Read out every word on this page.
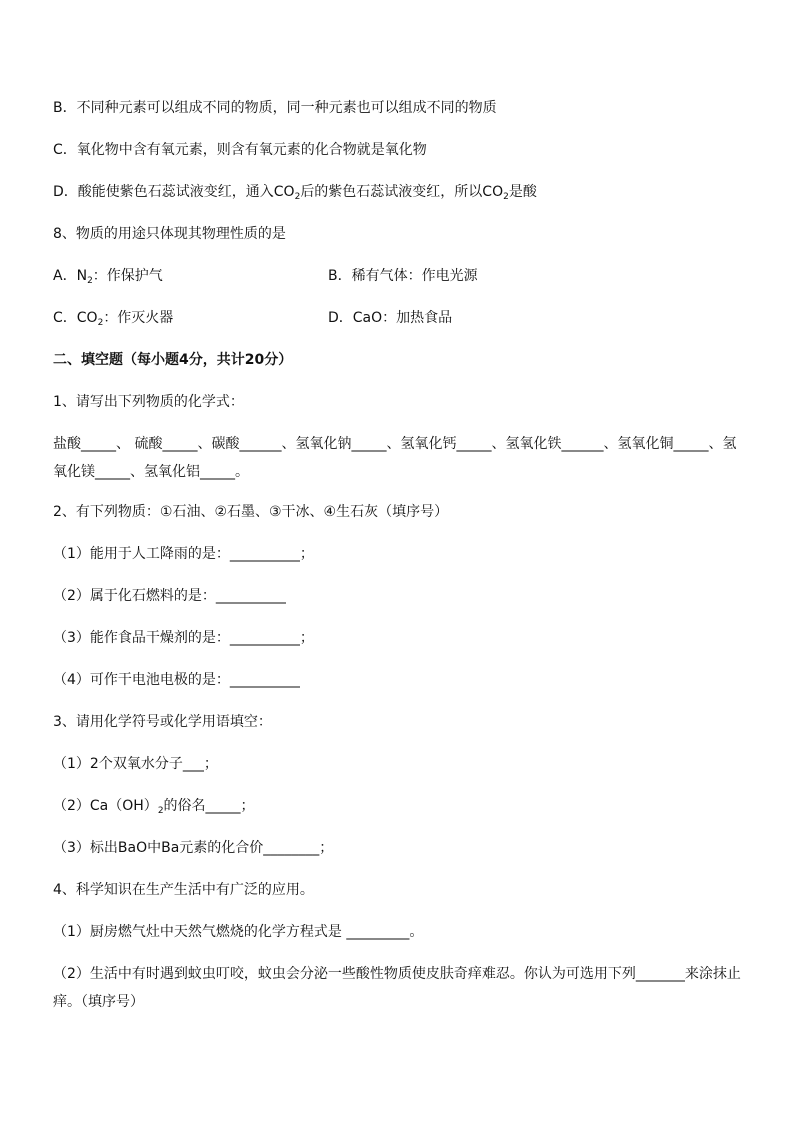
B．不同种元素可以组成不同的物质，同一种元素也可以组成不同的物质
C．氧化物中含有氧元素，则含有氧元素的化合物就是氧化物
D．酸能使紫色石蕊试液变红，通入$CO_2$后的紫色石蕊试液变红，所以$CO_2$是酸
8、物质的用途只体现其物理性质的是
A．$N_2$：作保护气	B．稀有气体：作电光源
C．$CO_2$：作灭火器	D．CaO：加热食品
二、填空题（每小题4分，共计20分）
1、请写出下列物质的化学式：
盐酸_____、 硫酸_____、碳酸______、氢氧化钠_____、氢氧化钙_____、氢氧化铁______、氢氧化铜_____、氢氧化镁_____、氢氧化铝_____。
2、有下列物质：①石油、②石墨、③干冰、④生石灰（填序号）
（1）能用于人工降雨的是：__________；
（2）属于化石燃料的是：__________
（3）能作食品干燥剂的是：__________；
（4）可作干电池电极的是：__________
3、请用化学符号或化学用语填空：
（1）2个双氧水分子___；
$(2)Ca(OH)_2$的俗名_____；
（3）标出BaO中Ba元素的化合价________；
4、科学知识在生产生活中有广泛的应用。
（1）厨房燃气灶中天然气燃烧的化学方程式是 _________。
（2）生活中有时遇到蚊虫叮咬，蚊虫会分泌一些酸性物质使皮肤奇痒难忍。你认为可选用下列_______来涂抹止痒。（填序号）
